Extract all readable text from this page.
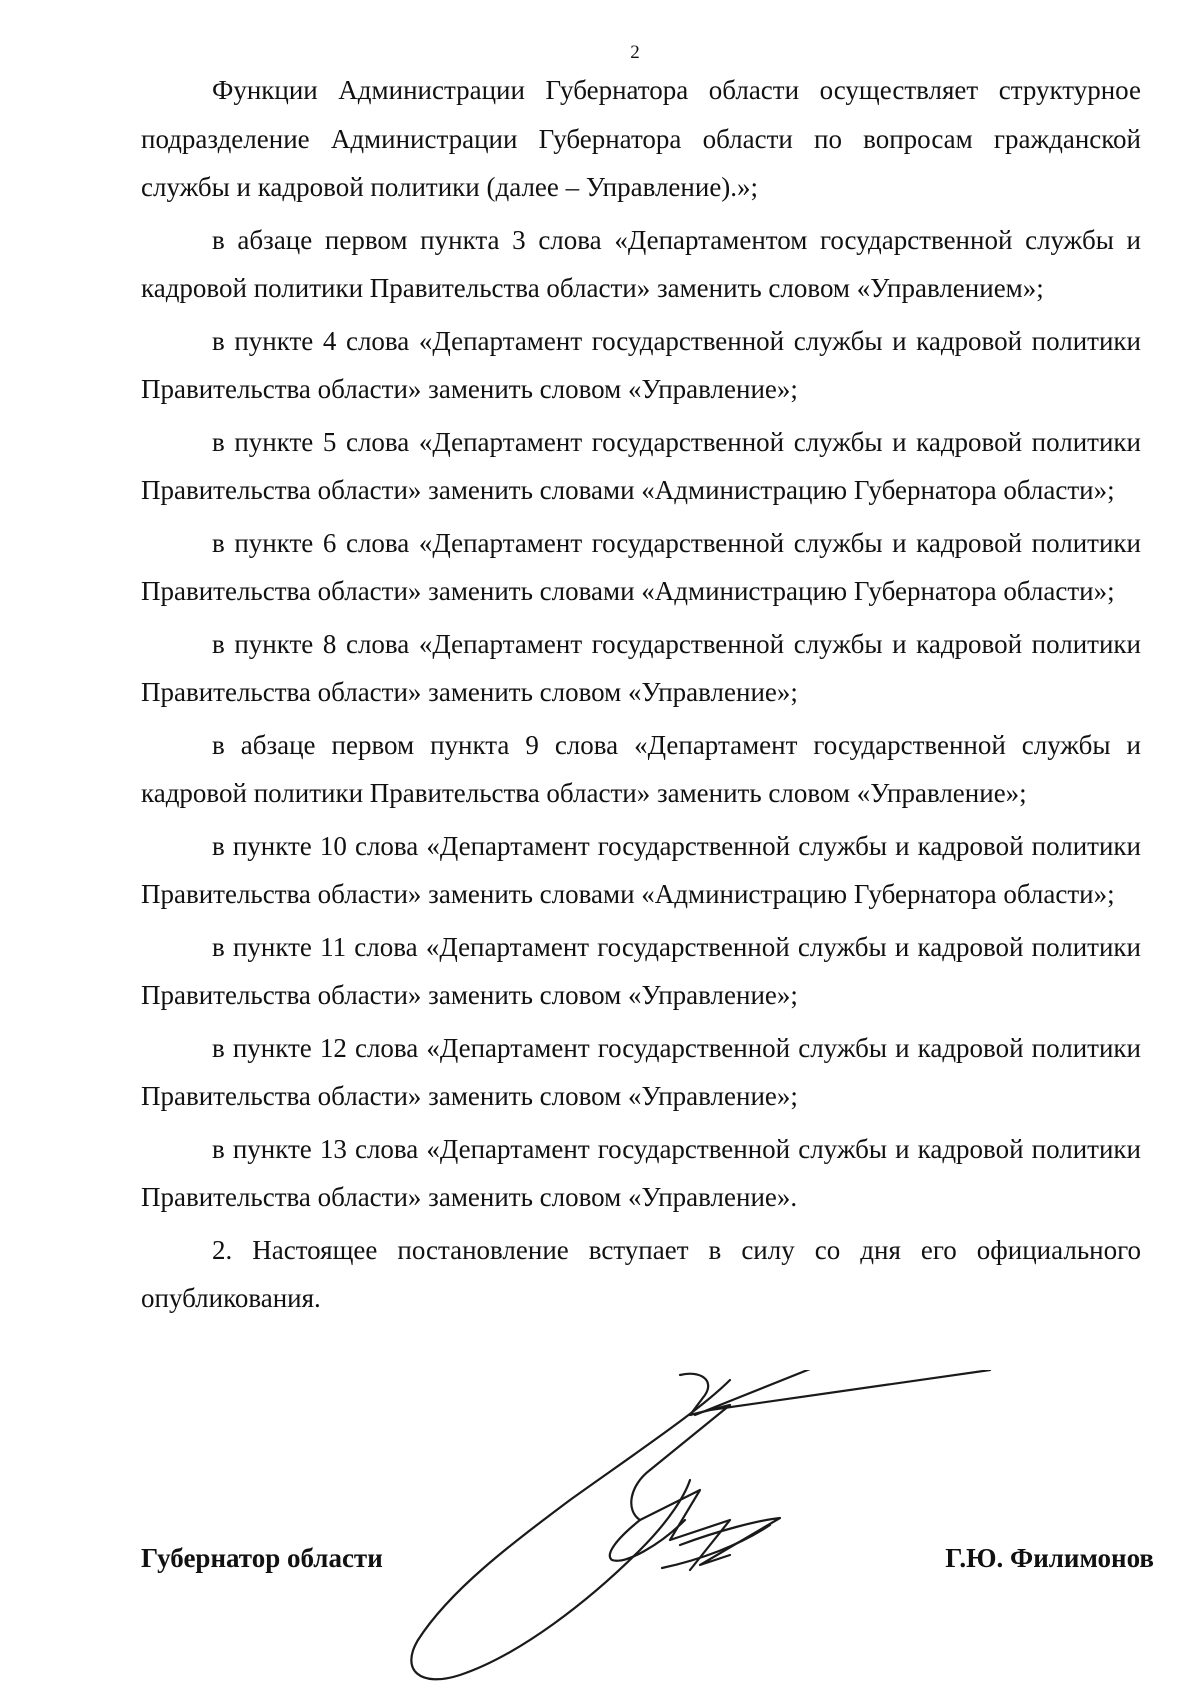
2

Функции Администрации Губернатора области осуществляет структурное подразделение Администрации Губернатора области по вопросам гражданской службы и кадровой политики (далее – Управление).»;

в абзаце первом пункта 3 слова «Департаментом государственной службы и кадровой политики Правительства области» заменить словом «Управлением»;

в пункте 4 слова «Департамент государственной службы и кадровой политики Правительства области» заменить словом «Управление»;

в пункте 5 слова «Департамент государственной службы и кадровой политики Правительства области» заменить словами «Администрацию Губернатора области»;

в пункте 6 слова «Департамент государственной службы и кадровой политики Правительства области» заменить словами «Администрацию Губернатора области»;

в пункте 8 слова «Департамент государственной службы и кадровой политики Правительства области» заменить словом «Управление»;

в абзаце первом пункта 9 слова «Департамент государственной службы и кадровой политики Правительства области» заменить словом «Управление»;

в пункте 10 слова «Департамент государственной службы и кадровой политики Правительства области» заменить словами «Администрацию Губернатора области»;

в пункте 11 слова «Департамент государственной службы и кадровой политики Правительства области» заменить словом «Управление»;

в пункте 12 слова «Департамент государственной службы и кадровой политики Правительства области» заменить словом «Управление»;

в пункте 13 слова «Департамент государственной службы и кадровой политики Правительства области» заменить словом «Управление».

2. Настоящее постановление вступает в силу со дня его официального опубликования.

Губернатор области	Г.Ю. Филимонов
